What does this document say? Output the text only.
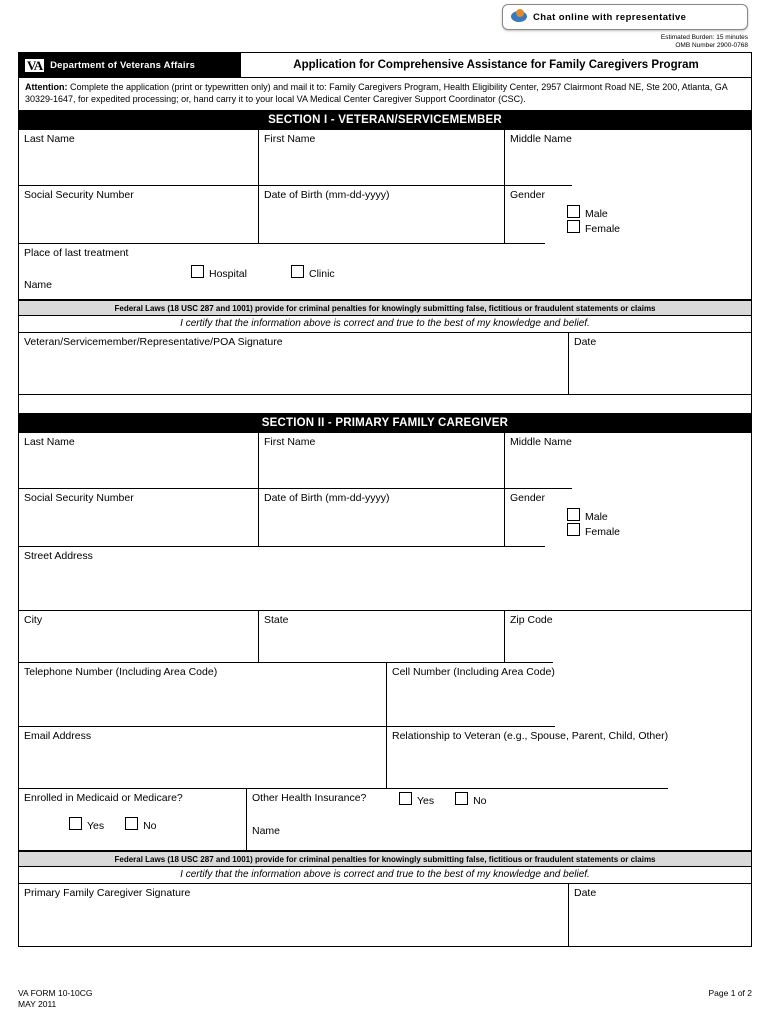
Chat online with representative
Estimated Burden: 15 minutes
OMB Number 2900-0768
VA Department of Veterans Affairs	Application for Comprehensive Assistance for Family Caregivers Program
Attention: Complete the application (print or typewritten only) and mail it to: Family Caregivers Program, Health Eligibility Center, 2957 Clairmont Road NE, Ste 200, Atlanta, GA 30329-1647, for expedited processing; or, hand carry it to your local VA Medical Center Caregiver Support Coordinator (CSC).
SECTION I - VETERAN/SERVICEMEMBER
Last Name	First Name	Middle Name
Social Security Number	Date of Birth (mm-dd-yyyy)	Gender
Male Female
Place of last treatment
Hospital	Clinic
Name
Federal Laws (18 USC 287 and 1001) provide for criminal penalties for knowingly submitting false, fictitious or fraudulent statements or claims
I certify that the information above is correct and true to the best of my knowledge and belief.
Veteran/Servicemember/Representative/POA Signature	Date
SECTION II - PRIMARY FAMILY CAREGIVER
Last Name	First Name	Middle Name
Social Security Number	Date of Birth (mm-dd-yyyy)	Gender
Male Female
Street Address
City	State	Zip Code
Telephone Number (Including Area Code)	Cell Number (Including Area Code)
Email Address	Relationship to Veteran (e.g., Spouse, Parent, Child, Other)
Enrolled in Medicaid or Medicare?
Yes	No
Other Health Insurance?	Yes	No
Name
Federal Laws (18 USC 287 and 1001) provide for criminal penalties for knowingly submitting false, fictitious or fraudulent statements or claims
I certify that the information above is correct and true to the best of my knowledge and belief.
Primary Family Caregiver Signature	Date
VA FORM 10-10CG
MAY 2011
Page 1 of 2
